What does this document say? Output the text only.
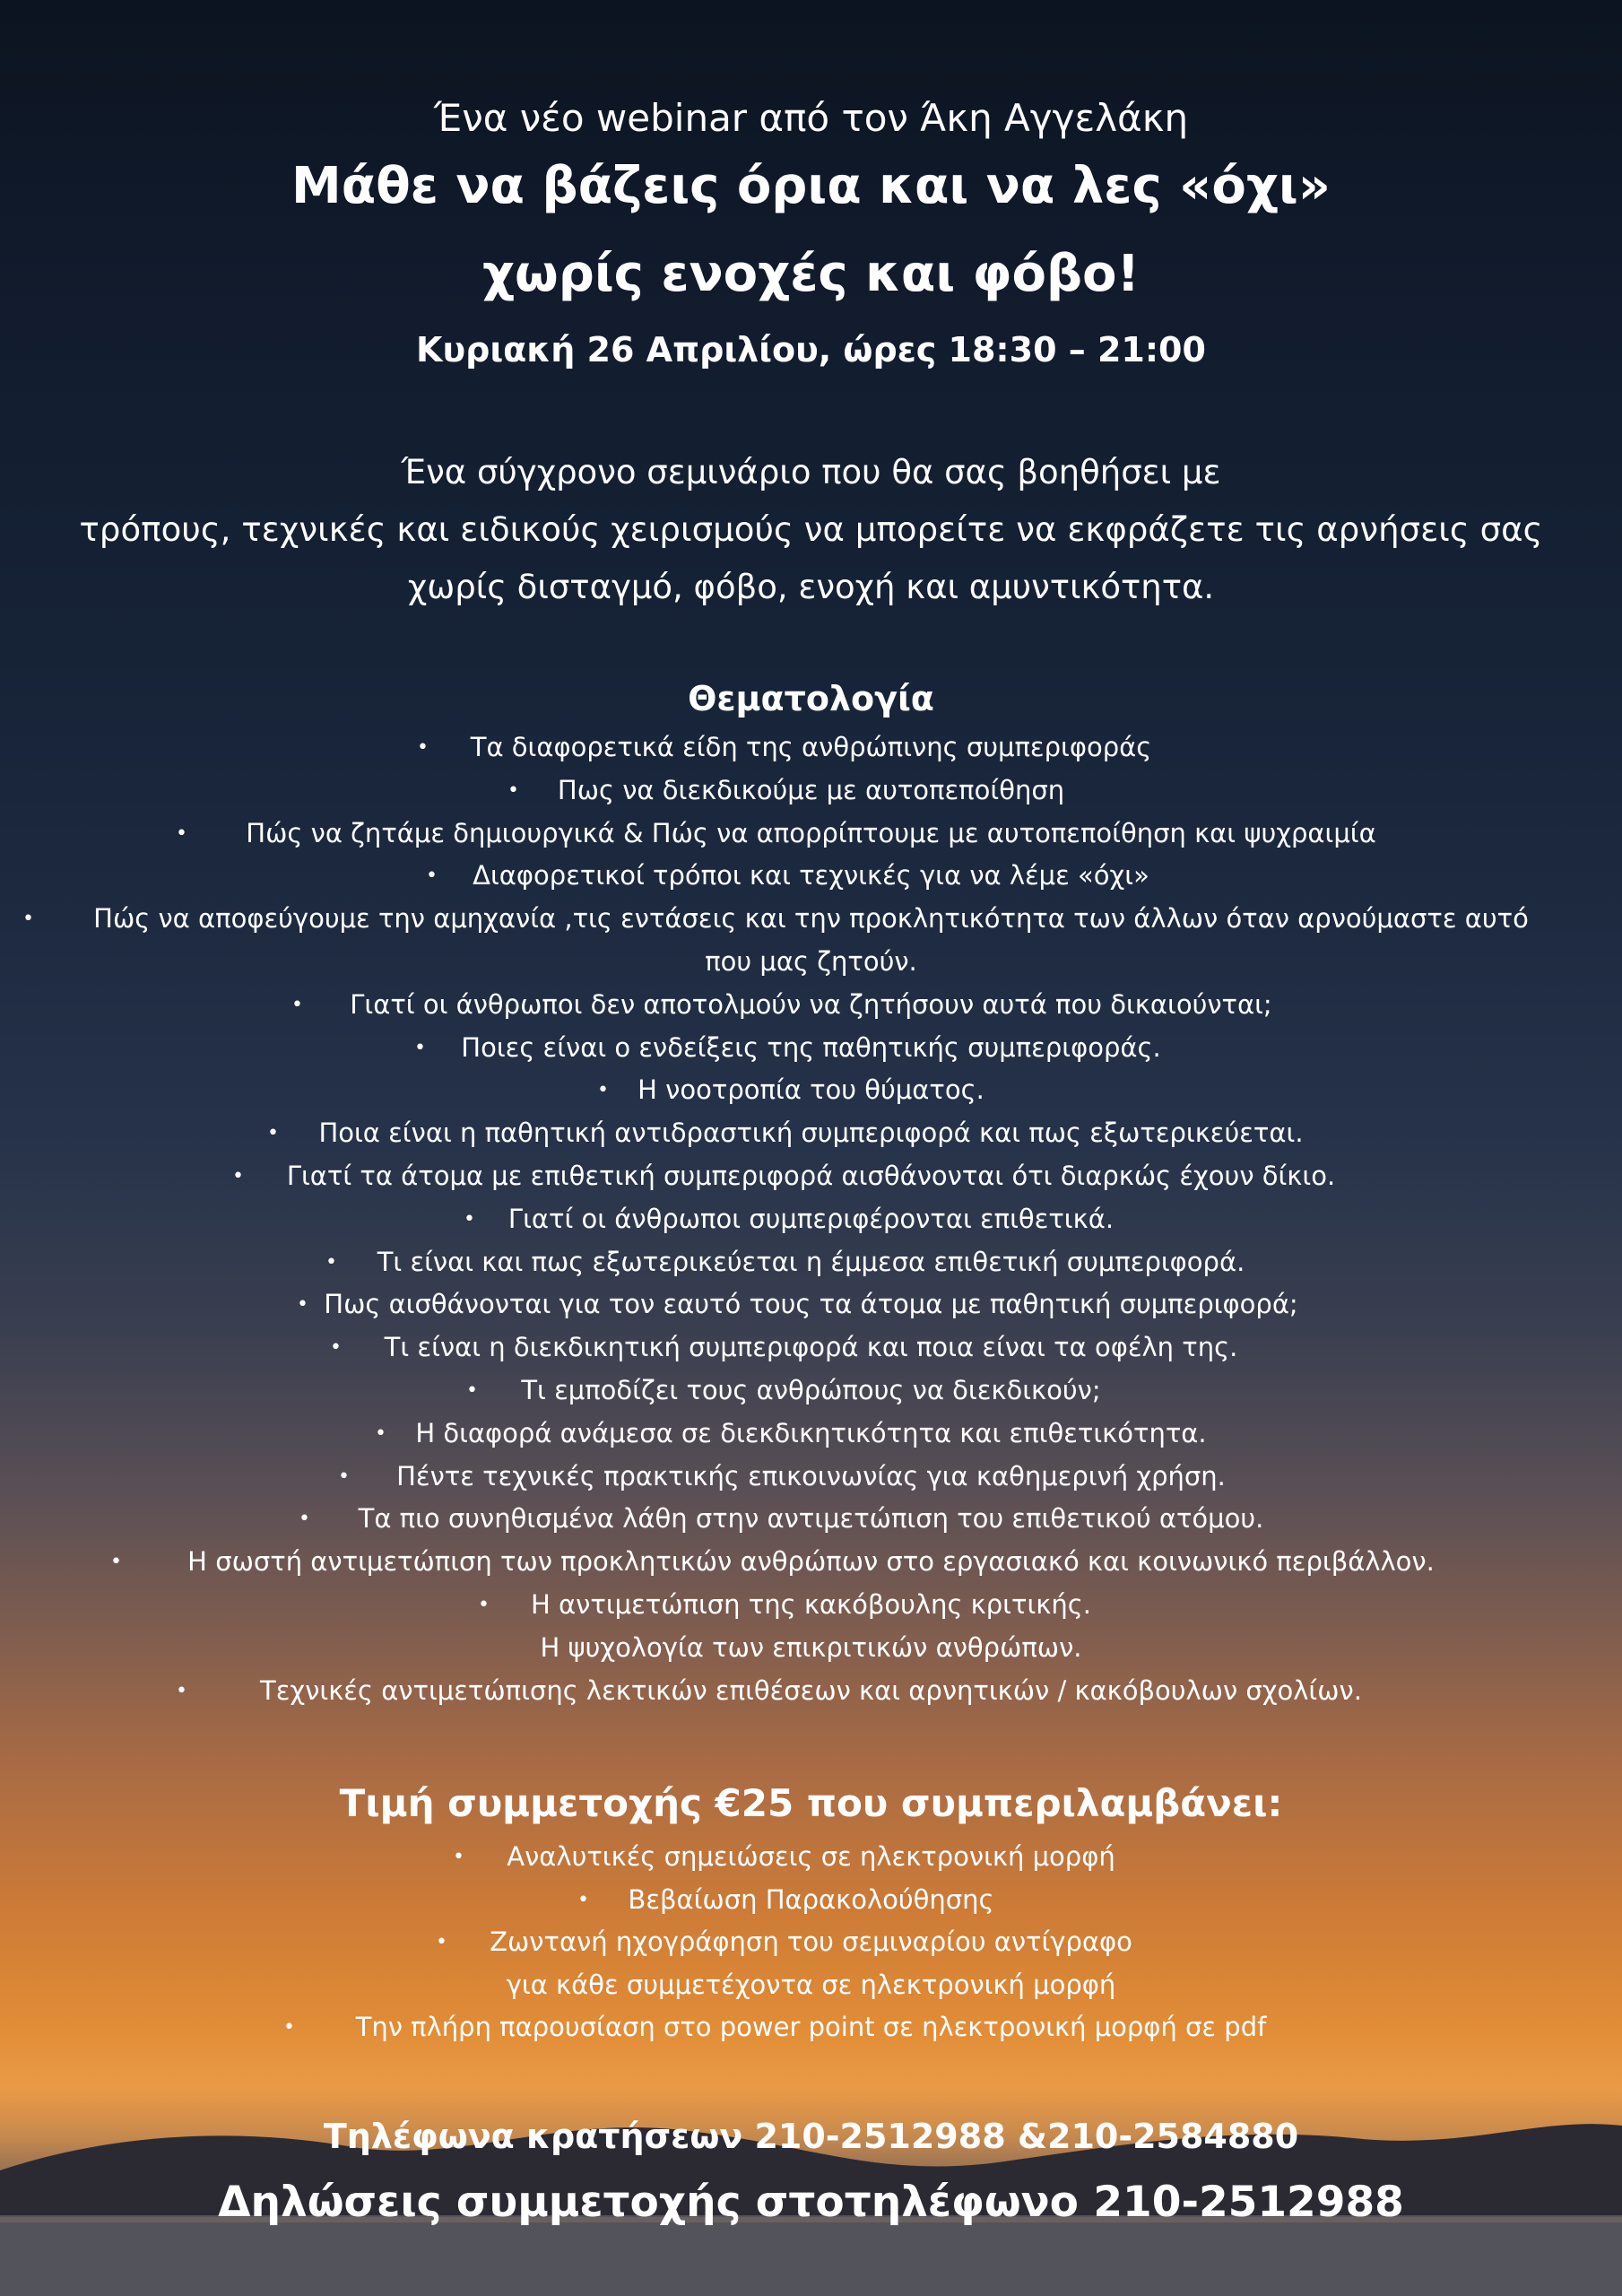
Ένα νέο webinar από τον Άκη Αγγελάκη

Μάθε να βάζεις όρια και να λες «όχι»

χωρίς ενοχές και φόβο!

Κυριακή 26 Απριλίου, ώρες 18:30 – 21:00

Ένα σύγχρονο σεμινάριο που θα σας βοηθήσει με

τρόπους, τεχνικές και ειδικούς χειρισμούς να μπορείτε να εκφράζετε τις αρνήσεις σας

χωρίς δισταγμό, φόβο, ενοχή και αμυντικότητα.

Θεματολογία

• Τα διαφορετικά είδη της ανθρώπινης συμπεριφοράς
• Πως να διεκδικούμε με αυτοπεποίθηση
• Πώς να ζητάμε δημιουργικά & Πώς να απορρίπτουμε με αυτοπεποίθηση και ψυχραιμία
• Διαφορετικοί τρόποι και τεχνικές για να λέμε «όχι»
• Πώς να αποφεύγουμε την αμηχανία ,τις εντάσεις και την προκλητικότητα των άλλων όταν αρνούμαστε αυτό
που μας ζητούν.
• Γιατί οι άνθρωποι δεν αποτολμούν να ζητήσουν αυτά που δικαιούνται;
• Ποιες είναι ο ενδείξεις της παθητικής συμπεριφοράς.
• Η νοοτροπία του θύματος.
• Ποια είναι η παθητική αντιδραστική συμπεριφορά και πως εξωτερικεύεται.
• Γιατί τα άτομα με επιθετική συμπεριφορά αισθάνονται ότι διαρκώς έχουν δίκιο.
• Γιατί οι άνθρωποι συμπεριφέρονται επιθετικά.
• Τι είναι και πως εξωτερικεύεται η έμμεσα επιθετική συμπεριφορά.
• Πως αισθάνονται για τον εαυτό τους τα άτομα με παθητική συμπεριφορά;
• Τι είναι η διεκδικητική συμπεριφορά και ποια είναι τα οφέλη της.
• Τι εμποδίζει τους ανθρώπους να διεκδικούν;
• Η διαφορά ανάμεσα σε διεκδικητικότητα και επιθετικότητα.
• Πέντε τεχνικές πρακτικής επικοινωνίας για καθημερινή χρήση.
• Τα πιο συνηθισμένα λάθη στην αντιμετώπιση του επιθετικού ατόμου.
•	Η σωστή αντιμετώπιση των προκλητικών ανθρώπων στο εργασιακό και κοινωνικό περιβάλλον.
• Η αντιμετώπιση της κακόβουλης κριτικής.
Η ψυχολογία των επικριτικών ανθρώπων.
•	Τεχνικές αντιμετώπισης λεκτικών επιθέσεων και αρνητικών / κακόβουλων σχολίων.

Τιμή συμμετοχής €25 που συμπεριλαμβάνει:

• Αναλυτικές σημειώσεις σε ηλεκτρονική μορφή
• Βεβαίωση Παρακολούθησης
• Ζωντανή ηχογράφηση του σεμιναρίου αντίγραφο
για κάθε συμμετέχοντα σε ηλεκτρονική μορφή
• Την πλήρη παρουσίαση στο power point σε ηλεκτρονική μορφή σε pdf

Τηλέφωνα κρατήσεων 210-2512988 &210-2584880

Δηλώσεις συμμετοχής στοτηλέφωνο 210-2512988
